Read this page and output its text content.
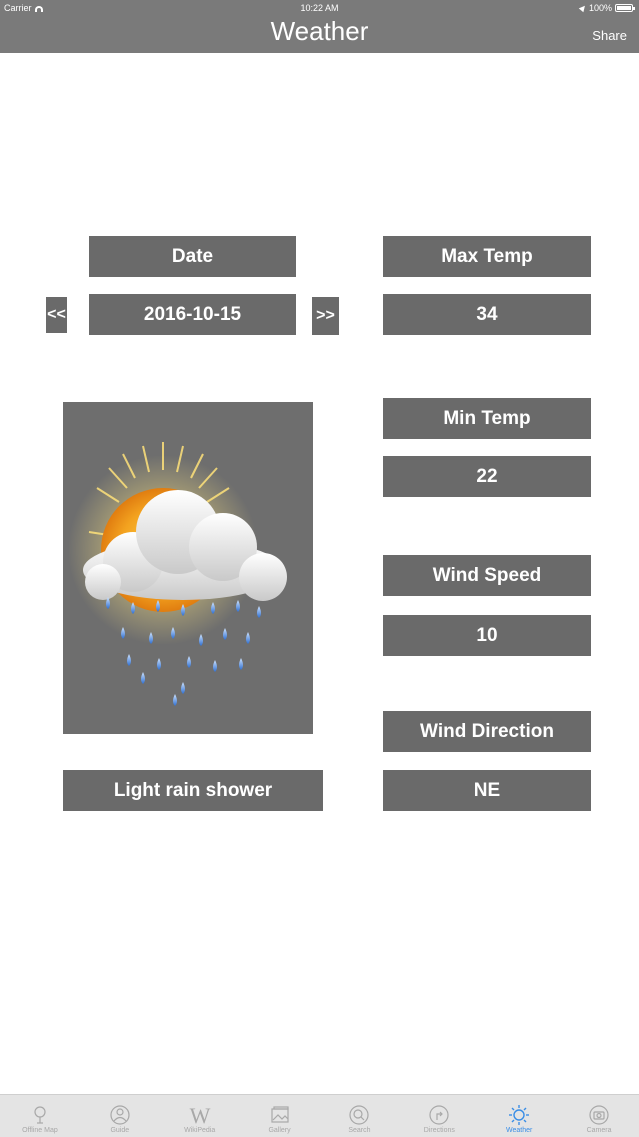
Carrier	10:22 AM	100%
Weather	Share
Date
<<	2016-10-15	>>
Light rain shower
Max Temp
34
Min Temp
22
Wind Speed
10
Wind Direction
NE
Offline Map	Guide
W
WikiPedia	Gallery	Search	Directions	Weather	Camera
